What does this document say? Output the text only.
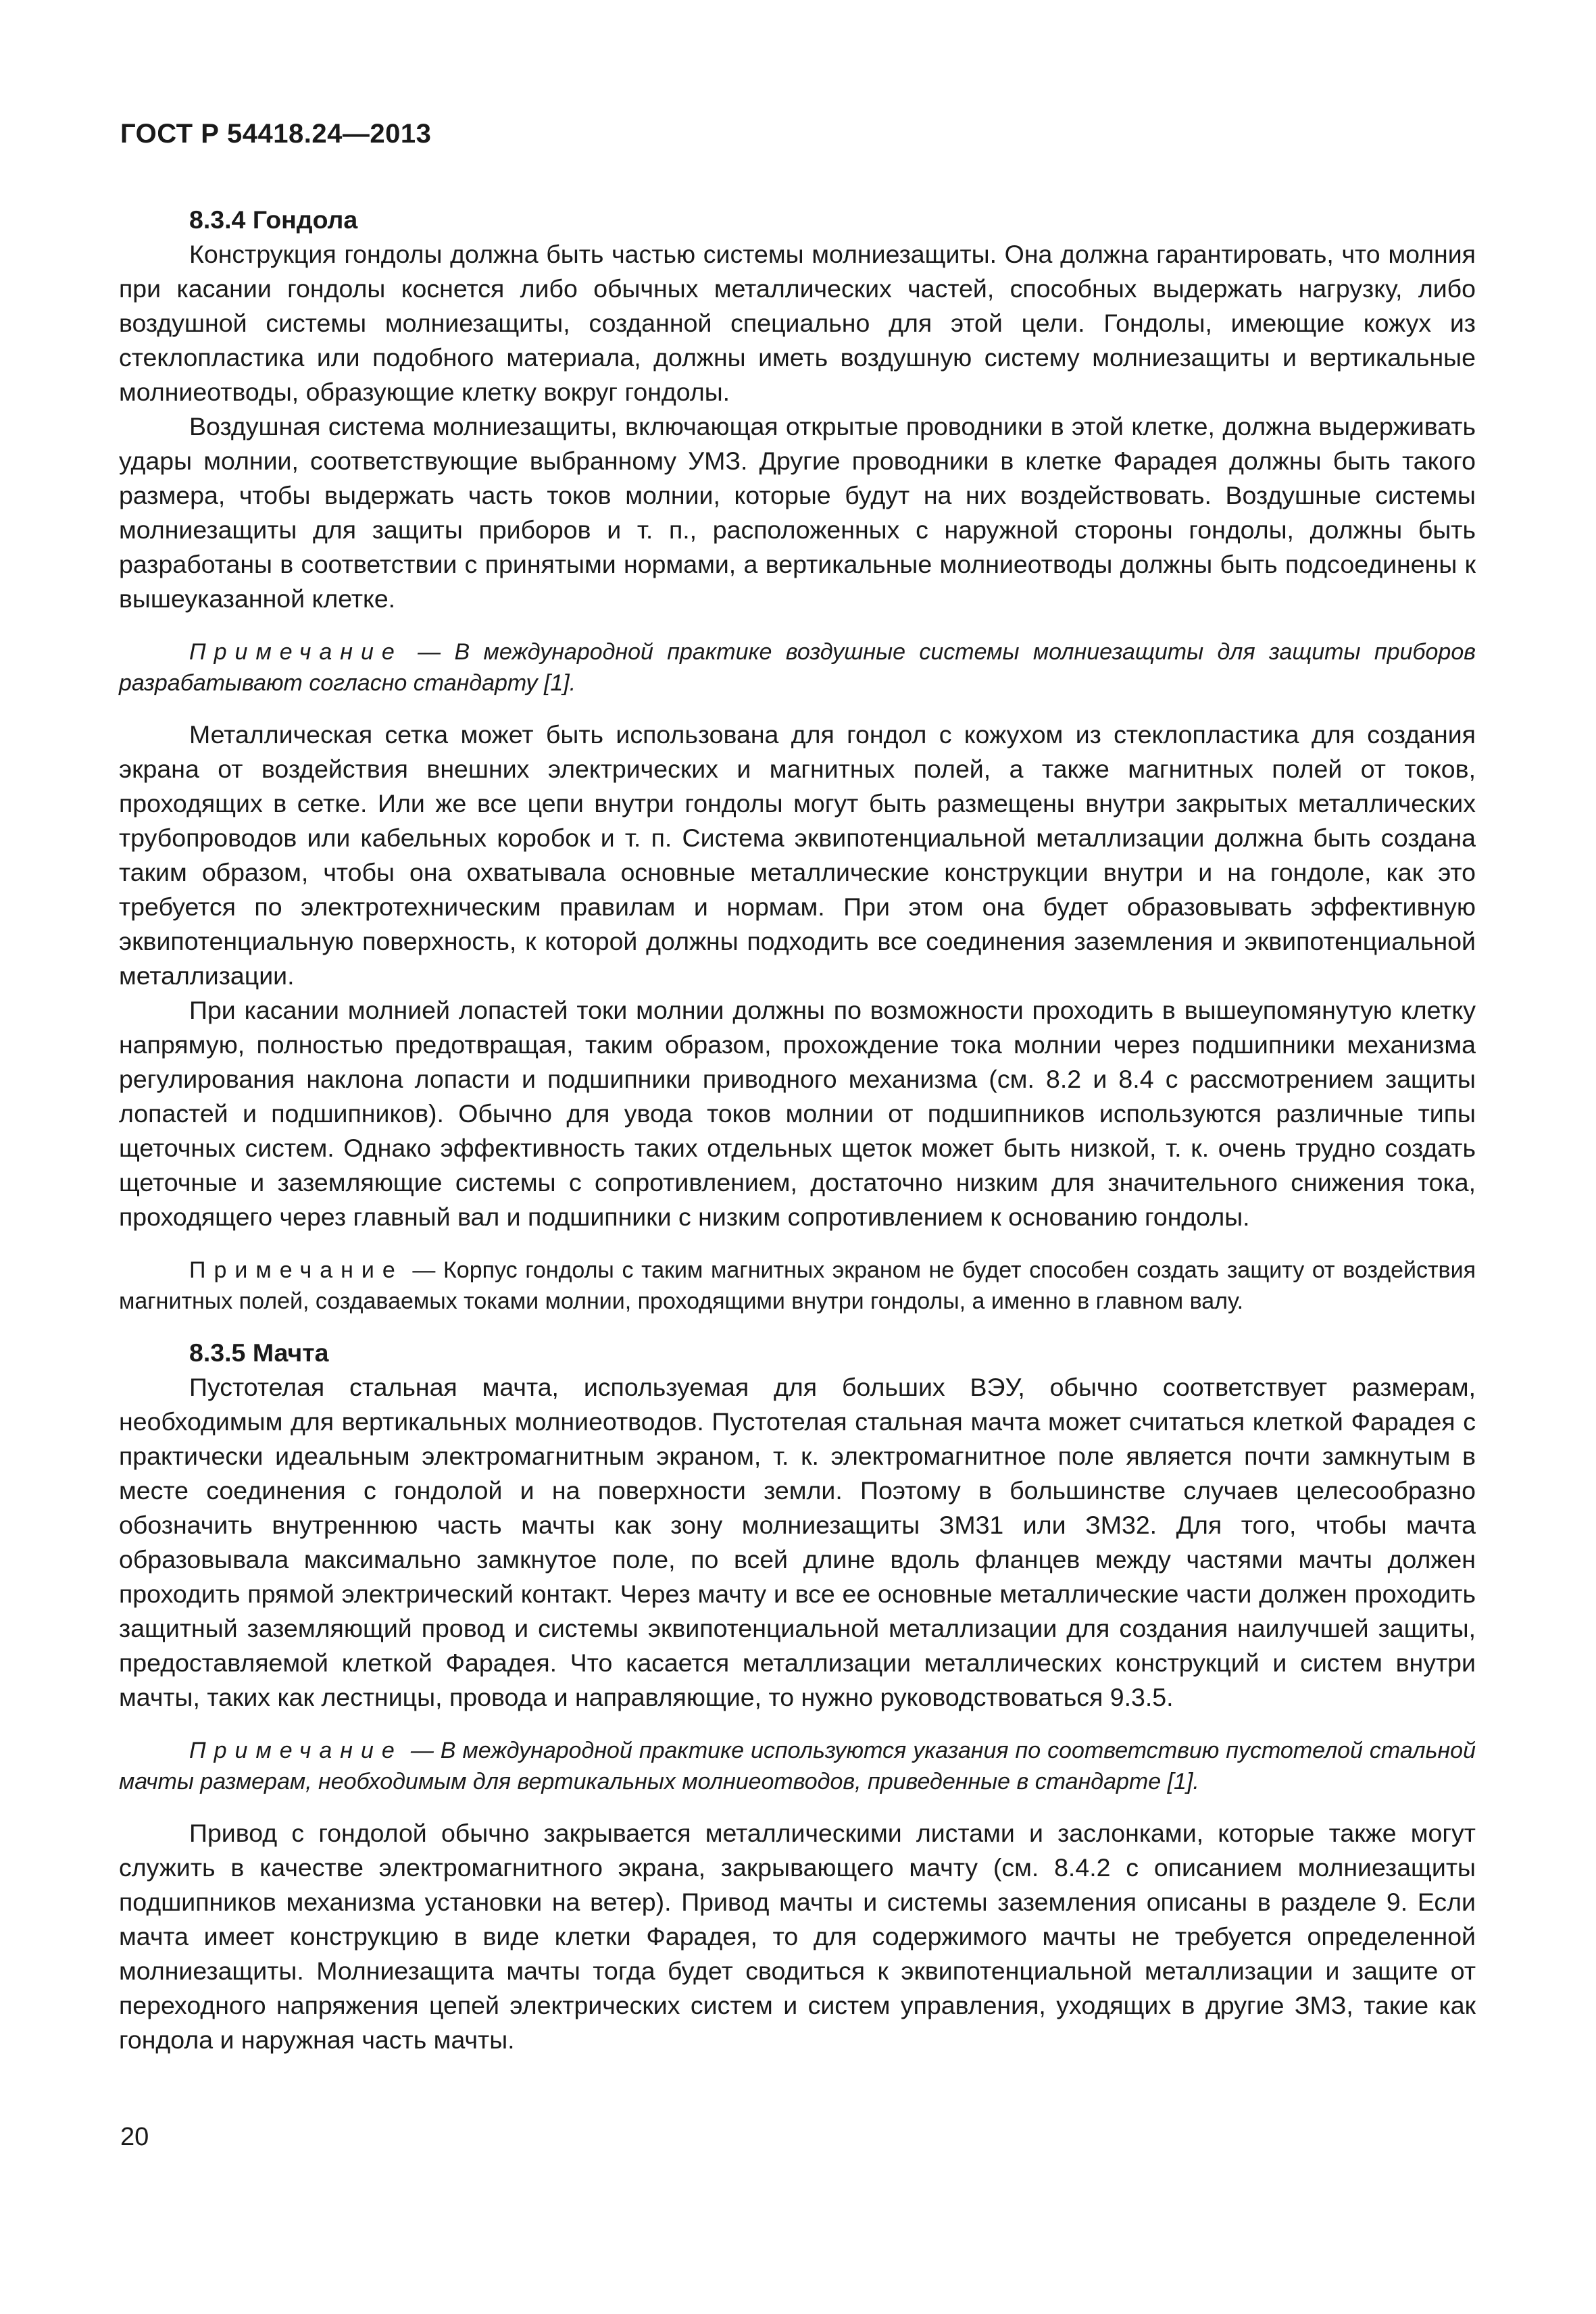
ГОСТ Р 54418.24—2013

8.3.4 Гондола

Конструкция гондолы должна быть частью системы молниезащиты. Она должна гарантировать, что молния при касании гондолы коснется либо обычных металлических частей, способных выдержать нагрузку, либо воздушной системы молниезащиты, созданной специально для этой цели. Гондолы, имеющие кожух из стеклопластика или подобного материала, должны иметь воздушную систему молниезащиты и вертикальные молниеотводы, образующие клетку вокруг гондолы.

Воздушная система молниезащиты, включающая открытые проводники в этой клетке, должна выдерживать удары молнии, соответствующие выбранному УМЗ. Другие проводники в клетке Фарадея должны быть такого размера, чтобы выдержать часть токов молнии, которые будут на них воздействовать. Воздушные системы молниезащиты для защиты приборов и т. п., расположенных с наружной стороны гондолы, должны быть разработаны в соответствии с принятыми нормами, а вертикальные молниеотводы должны быть подсоединены к вышеуказанной клетке.

Примечание — В международной практике воздушные системы молниезащиты для защиты приборов разрабатывают согласно стандарту [1].

Металлическая сетка может быть использована для гондол с кожухом из стеклопластика для создания экрана от воздействия внешних электрических и магнитных полей, а также магнитных полей от токов, проходящих в сетке. Или же все цепи внутри гондолы могут быть размещены внутри закрытых металлических трубопроводов или кабельных коробок и т. п. Система эквипотенциальной металлизации должна быть создана таким образом, чтобы она охватывала основные металлические конструкции внутри и на гондоле, как это требуется по электротехническим правилам и нормам. При этом она будет образовывать эффективную эквипотенциальную поверхность, к которой должны подходить все соединения заземления и эквипотенциальной металлизации.

При касании молнией лопастей токи молнии должны по возможности проходить в вышеупомянутую клетку напрямую, полностью предотвращая, таким образом, прохождение тока молнии через подшипники механизма регулирования наклона лопасти и подшипники приводного механизма (см. 8.2 и 8.4 с рассмотрением защиты лопастей и подшипников). Обычно для увода токов молнии от подшипников используются различные типы щеточных систем. Однако эффективность таких отдельных щеток может быть низкой, т. к. очень трудно создать щеточные и заземляющие системы с сопротивлением, достаточно низким для значительного снижения тока, проходящего через главный вал и подшипники с низким сопротивлением к основанию гондолы.

Примечание — Корпус гондолы с таким магнитных экраном не будет способен создать защиту от воздействия магнитных полей, создаваемых токами молнии, проходящими внутри гондолы, а именно в главном валу.

8.3.5 Мачта

Пустотелая стальная мачта, используемая для больших ВЭУ, обычно соответствует размерам, необходимым для вертикальных молниеотводов. Пустотелая стальная мачта может считаться клеткой Фарадея с практически идеальным электромагнитным экраном, т. к. электромагнитное поле является почти замкнутым в месте соединения с гондолой и на поверхности земли. Поэтому в большинстве случаев целесообразно обозначить внутреннюю часть мачты как зону молниезащиты ЗМ31 или ЗМ32. Для того, чтобы мачта образовывала максимально замкнутое поле, по всей длине вдоль фланцев между частями мачты должен проходить прямой электрический контакт. Через мачту и все ее основные металлические части должен проходить защитный заземляющий провод и системы эквипотенциальной металлизации для создания наилучшей защиты, предоставляемой клеткой Фарадея. Что касается металлизации металлических конструкций и систем внутри мачты, таких как лестницы, провода и направляющие, то нужно руководствоваться 9.3.5.

Примечание — В международной практике используются указания по соответствию пустотелой стальной мачты размерам, необходимым для вертикальных молниеотводов, приведенные в стандарте [1].

Привод с гондолой обычно закрывается металлическими листами и заслонками, которые также могут служить в качестве электромагнитного экрана, закрывающего мачту (см. 8.4.2 с описанием молниезащиты подшипников механизма установки на ветер). Привод мачты и системы заземления описаны в разделе 9. Если мачта имеет конструкцию в виде клетки Фарадея, то для содержимого мачты не требуется определенной молниезащиты. Молниезащита мачты тогда будет сводиться к эквипотенциальной металлизации и защите от переходного напряжения цепей электрических систем и систем управления, уходящих в другие ЗМЗ, такие как гондола и наружная часть мачты.

20
